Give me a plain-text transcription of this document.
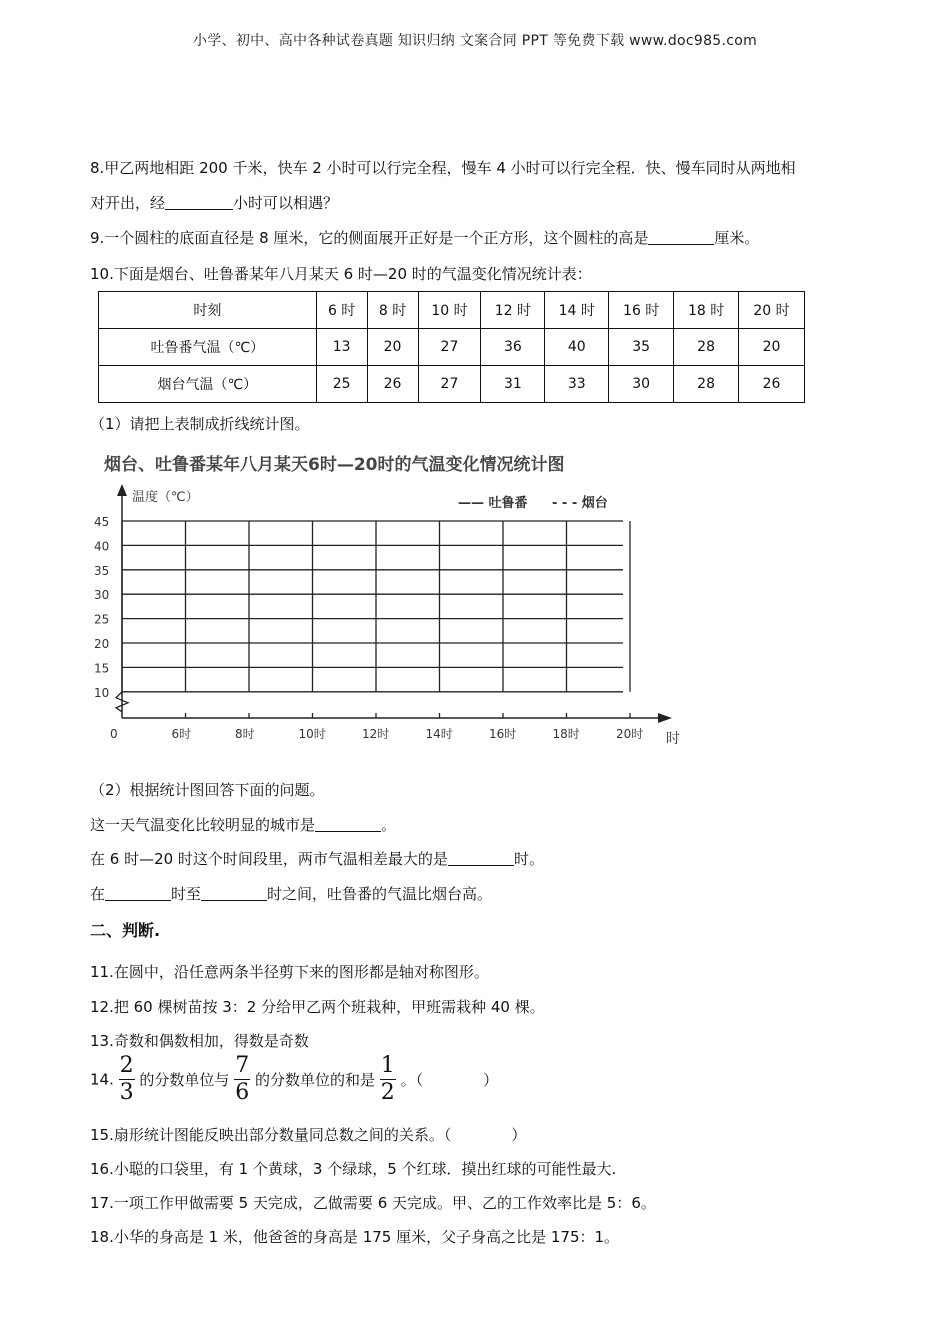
小学、初中、高中各种试卷真题 知识归纳 文案合同 PPT 等免费下载 www.doc985.com
8.甲乙两地相距 200 千米，快车 2 小时可以行完全程，慢车 4 小时可以行完全程．快、慢车同时从两地相
对开出，经	小时可以相遇？
9.一个圆柱的底面直径是 8 厘米，它的侧面展开正好是一个正方形，这个圆柱的高是	厘米。
10.下面是烟台、吐鲁番某年八月某天 6 时—20 时的气温变化情况统计表：
时刻	6 时	8 时	10 时	12 时	14 时	16 时	18 时	20 时
吐鲁番气温（℃）	13	20	27	36	40	35	28	20
烟台气温（℃）	25	26	27	31	33	30	28	26
（1）请把上表制成折线统计图。
烟台、吐鲁番某年八月某天6时—20时的气温变化情况统计图
45
40
35
30
25
20
15
10
6时	8时	10时	12时	14时	16时	18时	20时
温度（℃）	—— 吐鲁番 - - - 烟台
0	时
（2）根据统计图回答下面的问题。
这一天气温变化比较明显的城市是	。
在 6 时—20 时这个时间段里，两市气温相差最大的是	时。
在	时至	时之间，吐鲁番的气温比烟台高。
二、判断.
11.在圆中，沿任意两条半径剪下来的图形都是轴对称图形。
12.把 60 棵树苗按 3：2 分给甲乙两个班栽种，甲班需栽种 40 棵。
13.奇数和偶数相加，得数是奇数
14. $\frac{2}{3}$ 的分数单位与 $\frac{7}{6}$ 的分数单位的和是 $\frac{1}{2}$ 。（　　　　）
15.扇形统计图能反映出部分数量同总数之间的关系。（　　　　）
16.小聪的口袋里，有 1 个黄球，3 个绿球，5 个红球．摸出红球的可能性最大.
17.一项工作甲做需要 5 天完成，乙做需要 6 天完成。甲、乙的工作效率比是 5：6。
18.小华的身高是 1 米，他爸爸的身高是 175 厘米，父子身高之比是 175：1。
